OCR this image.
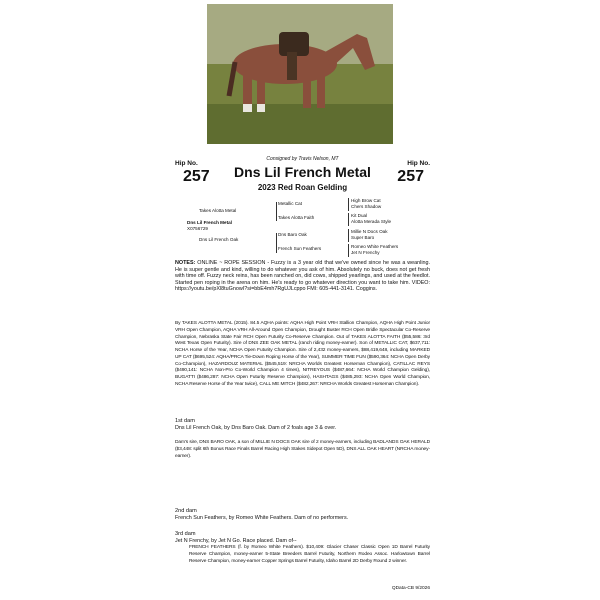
Consigned by Travis Nelson, MT
Hip No.
257
Hip No.
257
Dns Lil French Metal
2023 Red Roan Gelding
Takes Alotta Metal
Dns Lil French Metal
X0756729
Dns Lil French Oak
Metallic Cat
Takes Alotta Faith
Dns Baro Oak
French Sun Feathers
High Brow Cat
Chers Shadow
Kit Dual
Alotta Merada Style
Millie N Docs Oak
Super Baro
Romeo White Feathers
Jet N Frenchy
NOTES: ONLINE ~ ROPE SESSION - Fuzzy is a 3 year old that we've owned since he was a weanling. He is super gentle and kind, willing to do whatever you ask of him. Absolutely no buck, does not get fresh with time off. Fuzzy neck reins, has been ranched on, did cows, shipped yearlings, and used at the feedlot. Started pen roping in the arena on him. He's ready to go whatever direction you want to take him. VIDEO: https://youtu.be/pXl8tuGnowI?si=bbE4mh7RgUJLcppo FMI: 605-441-3141. Coggins.
By TAKES ALOTTA METAL (2015). 84.5 AQHA points: AQHA High Point VRH Stallion Champion, AQHA High Point Junior VRH Open Champion, AQHA VRH All-Around Open Champion, Drought Buster RCH Open Bridle Spectacular Co-Reserve Champion, Nebraska State Fair RCH Open Futurity Co-Reserve Champion. Out of TAKES ALOTTA FAITH ($55,586: 3rd West Texas Open Futurity). Sire of DNS ZEE OAK METAL (ranch riding money-earner). Son of METALLIC CAT, $637,711: NCHA Horse of the Year, NCHA Open Futurity Champion. Sire of 2,432 money-earners, $88,419,648, including MARKED UP CAT ($695,524: AQHA/PRCA Tie-Down Roping Horse of the Year), SUMMER TIME FUN ($590,364: NCHA Open Derby Co-Champion), HAZARDOUZ MATERIAL ($545,519: NRCHA Worlds Greatest Horseman Champion), CATILLAC REYS ($490,141: NCHA Non-Pro Co-World Champion 4 times), NITREYOUS ($487,664: NCHA World Champion Gelding), BUGATTI ($486,287: NCHA Open Futurity Reserve Champion), HASHTAGS ($485,293: NCHA Open World Champion, NCHA Reserve Horse of the Year twice), CALL ME MITCH ($482,267: NRCHA Worlds Greatest Horseman Champion).
1st dam
Dns Lil French Oak, by Dns Baro Oak. Dam of 2 foals age 3 & over.
Dam's sire, DNS BARO OAK, a son of MILLIE N DOCS OAK sire of 2 money-earners, including BADLANDS OAK HERALD ($3,448: split 6th Bonus Race Finals Barrel Racing High Stakes Sidepot Open 5D), DNS ALL OAK HEART (NRCHA money-earner).
2nd dam
French Sun Feathers, by Romeo White Feathers. Dam of no performers.
3rd dam
Jet N Frenchy, by Jet N Go. Race placed. Dam of--
FRENCH FEATHERS (f. by Romeo White Feathers). $10,409: Glacier Chaser Classic Open 1D Barrel Futurity Reserve Champion, money-earner 5-State Breeders Barrel Futurity, Northern Rodeo Assoc. Harlowtown Barrel Reserve Champion, money-earner Copper Springs Barrel Futurity, Idaho Barrel 2D Derby Round 2 winner.
QData-CB 9/2026
